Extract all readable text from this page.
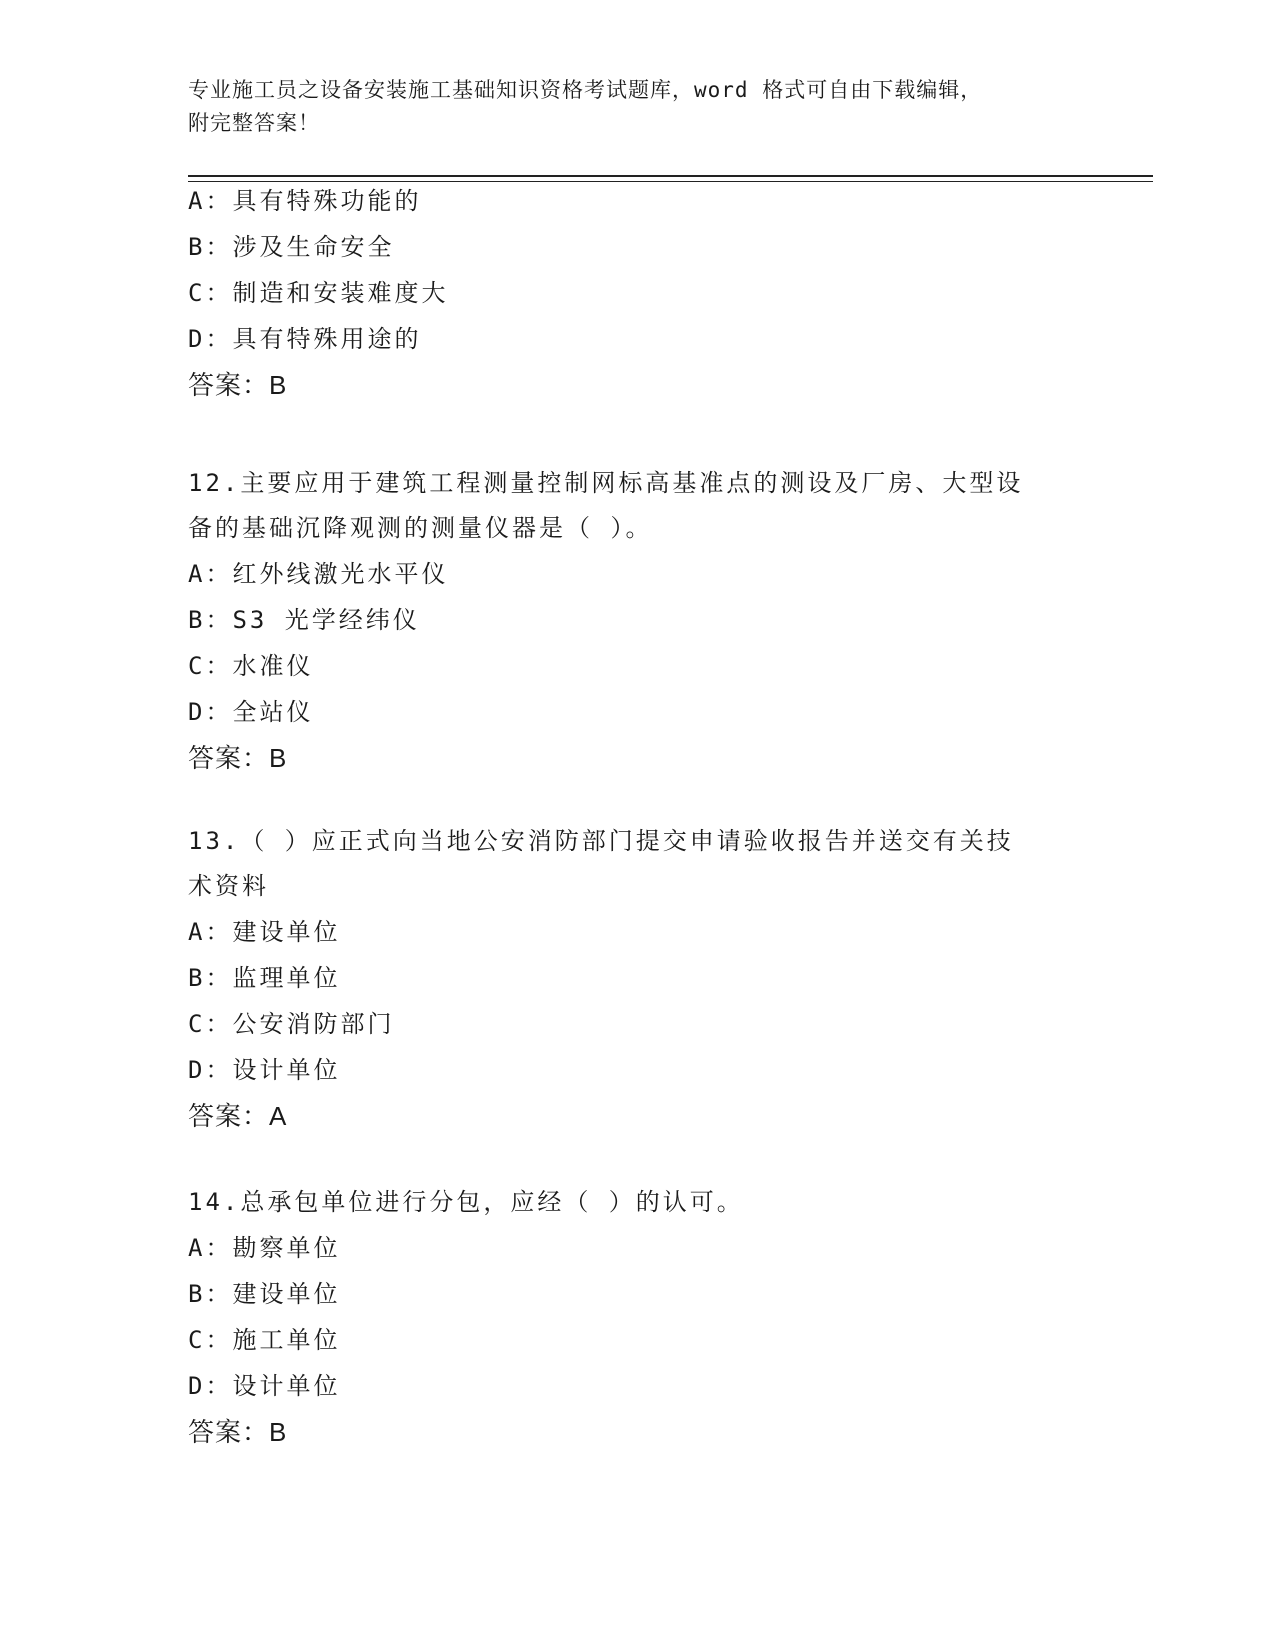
专业施工员之设备安装施工基础知识资格考试题库，word 格式可自由下载编辑，
附完整答案！
A：具有特殊功能的
B：涉及生命安全
C：制造和安装难度大
D：具有特殊用途的
答案：B
12.主要应用于建筑工程测量控制网标高基准点的测设及厂房、大型设
备的基础沉降观测的测量仪器是（ ）。
A：红外线激光水平仪
B：S3 光学经纬仪
C：水准仪
D：全站仪
答案：B
13.（ ）应正式向当地公安消防部门提交申请验收报告并送交有关技
术资料
A：建设单位
B：监理单位
C：公安消防部门
D：设计单位
答案：A
14.总承包单位进行分包，应经（ ）的认可。
A：勘察单位
B：建设单位
C：施工单位
D：设计单位
答案：B
